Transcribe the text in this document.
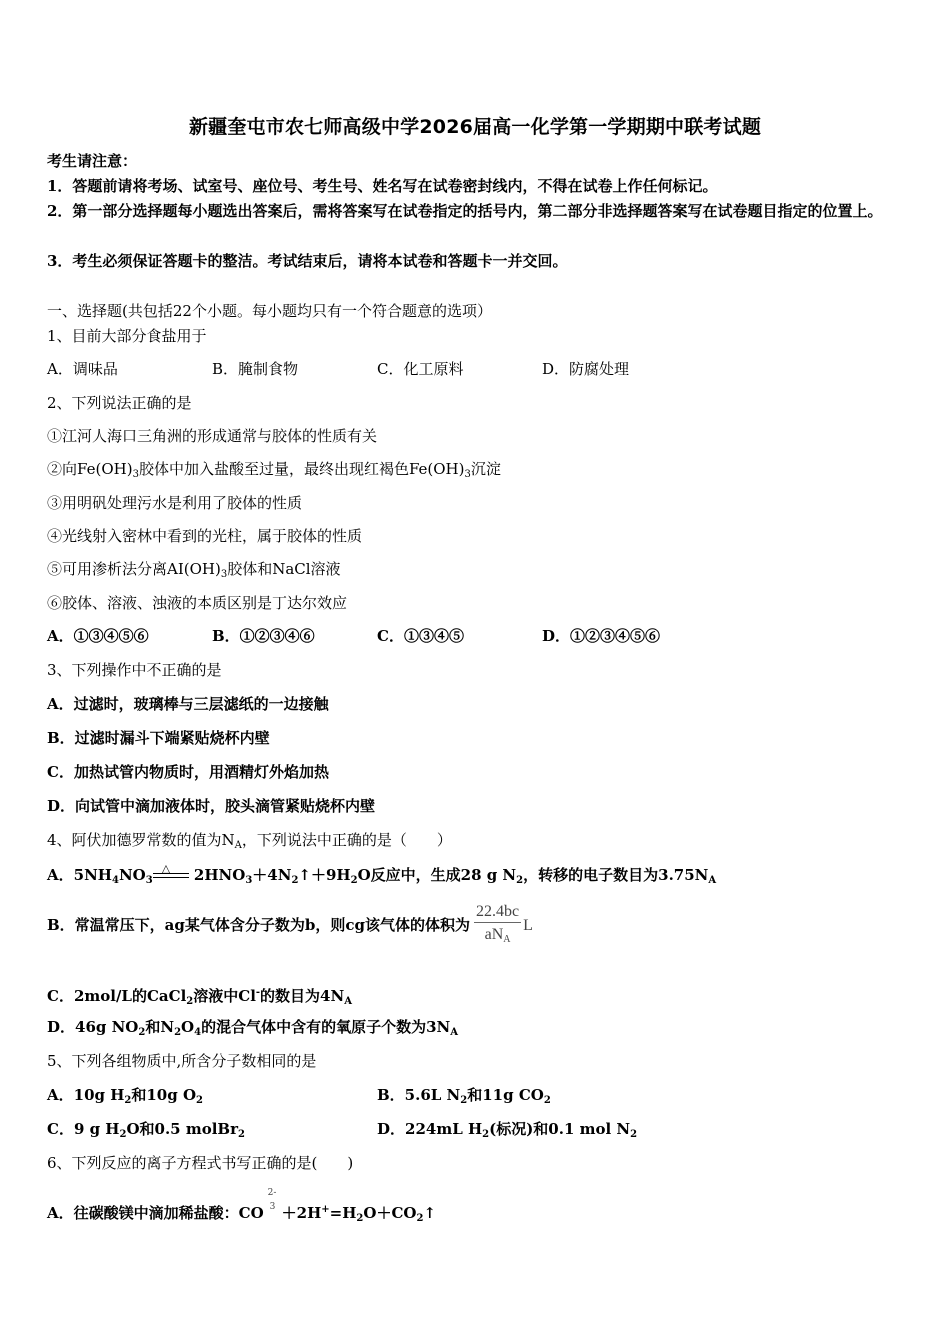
新疆奎屯市农七师高级中学2026届高一化学第一学期期中联考试题
考生请注意：
1．答题前请将考场、试室号、座位号、考生号、姓名写在试卷密封线内，不得在试卷上作任何标记。
2．第一部分选择题每小题选出答案后，需将答案写在试卷指定的括号内，第二部分非选择题答案写在试卷题目指定的位置上。
3．考生必须保证答题卡的整洁。考试结束后，请将本试卷和答题卡一并交回。
一、选择题(共包括22个小题。每小题均只有一个符合题意的选项）
1、目前大部分食盐用于
A．调味品	B．腌制食物	C．化工原料	D．防腐处理
2、下列说法正确的是
①江河人海口三角洲的形成通常与胶体的性质有关
②向$Fe(OH)_3$胶体中加入盐酸至过量，最终出现红褐色$Fe(OH)_3$沉淀
③用明矾处理污水是利用了胶体的性质
④光线射入密林中看到的光柱，属于胶体的性质
⑤可用渗析法分离$AI(OH)_3$胶体和NaCl溶液
⑥胶体、溶液、浊液的本质区别是丁达尔效应
A．①③④⑤⑥	B．①②③④⑥	C．①③④⑤	D．①②③④⑤⑥
3、下列操作中不正确的是
A．过滤时，玻璃棒与三层滤纸的一边接触
B．过滤时漏斗下端紧贴烧杯内壁
C．加热试管内物质时，用酒精灯外焰加热
D．向试管中滴加液体时，胶头滴管紧贴烧杯内壁
4、阿伏加德罗常数的值为$N_A$，下列说法中正确的是（　　）
A．$5NH_4NO_3$
△ $2HNO_3+4N_2↑+9H_2O$反应中，生成28 g $N_2$，转移的电子数目为$3.75N_A$
B．常温常压下，ag某气体含分子数为b，则cg该气体的体积为 $\frac{22.4bc}{aN_A}$ L
C．2mol/L的CaCl$_2$溶液中Cl-的数目为$4N_A$
D．46g $NO_2$和$N_2O_4$的混合气体中含有的氧原子个数为$3N_A$
5、下列各组物质中,所含分子数相同的是
A．10g $H_2$和10g $O_2$	B．5.6L $N_2$和11g $CO_2$
C．9 g $H_2O$和0.5 molBr$_2$	D．224mL $H_2$(标况)和0.1 mol $N_2$
6、下列反应的离子方程式书写正确的是(　　)
A．往碳酸镁中滴加稀盐酸：CO
2-
$3 +2H^+=H_2O+CO_2↑$
